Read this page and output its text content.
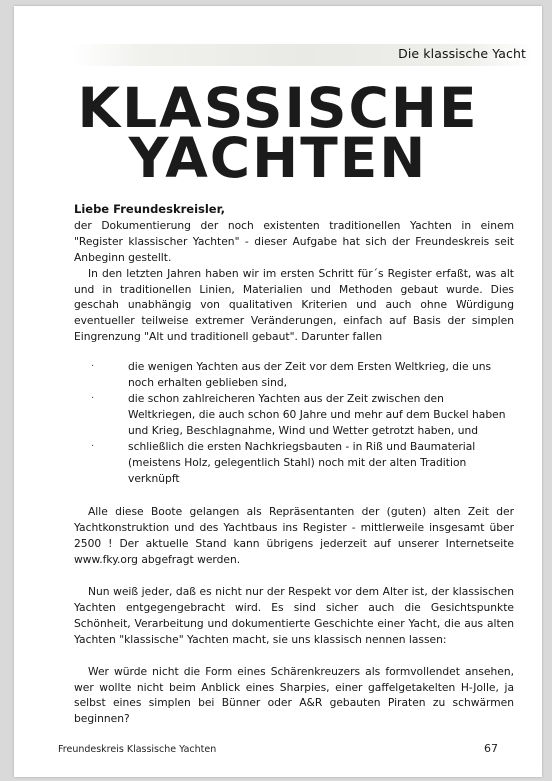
Die klassische Yacht
KLASSISCHE
YACHTEN

Liebe Freundeskreisler,

der Dokumentierung der noch existenten traditionellen Yachten in einem "Register klassischer Yachten" - dieser Aufgabe hat sich der Freundeskreis seit Anbeginn gestellt.

In den letzten Jahren haben wir im ersten Schritt für´s Register erfaßt, was alt und in traditionellen Linien, Materialien und Methoden gebaut wurde. Dies geschah unabhängig von qualitativen Kriterien und auch ohne Würdigung eventueller teilweise extremer Veränderungen, einfach auf Basis der simplen Eingrenzung "Alt und traditionell gebaut". Darunter fallen

·	die wenigen Yachten aus der Zeit vor dem Ersten Weltkrieg, die uns noch erhalten geblieben sind,
·	die schon zahlreicheren Yachten aus der Zeit zwischen den Weltkriegen, die auch schon 60 Jahre und mehr auf dem Buckel haben und Krieg, Beschlagnahme, Wind und Wetter getrotzt haben, und
·	schließlich die ersten Nachkriegsbauten - in Riß und Baumaterial (meistens Holz, gelegentlich Stahl) noch mit der alten Tradition verknüpft

Alle diese Boote gelangen als Repräsentanten der (guten) alten Zeit der Yachtkonstruktion und des Yachtbaus ins Register - mittlerweile insgesamt über 2500 ! Der aktuelle Stand kann übrigens jederzeit auf unserer Internetseite www.fky.org abgefragt werden.

Nun weiß jeder, daß es nicht nur der Respekt vor dem Alter ist, der klassischen Yachten entgegengebracht wird. Es sind sicher auch die Gesichtspunkte Schönheit, Verarbeitung und dokumentierte Geschichte einer Yacht, die aus alten Yachten "klassische" Yachten macht, sie uns klassisch nennen lassen:

Wer würde nicht die Form eines Schärenkreuzers als formvollendet ansehen, wer wollte nicht beim Anblick eines Sharpies, einer gaffelgetakelten H-Jolle, ja selbst eines simplen bei Bünner oder A&R gebauten Piraten zu schwärmen beginnen?

Freundeskreis Klassische Yachten	67
